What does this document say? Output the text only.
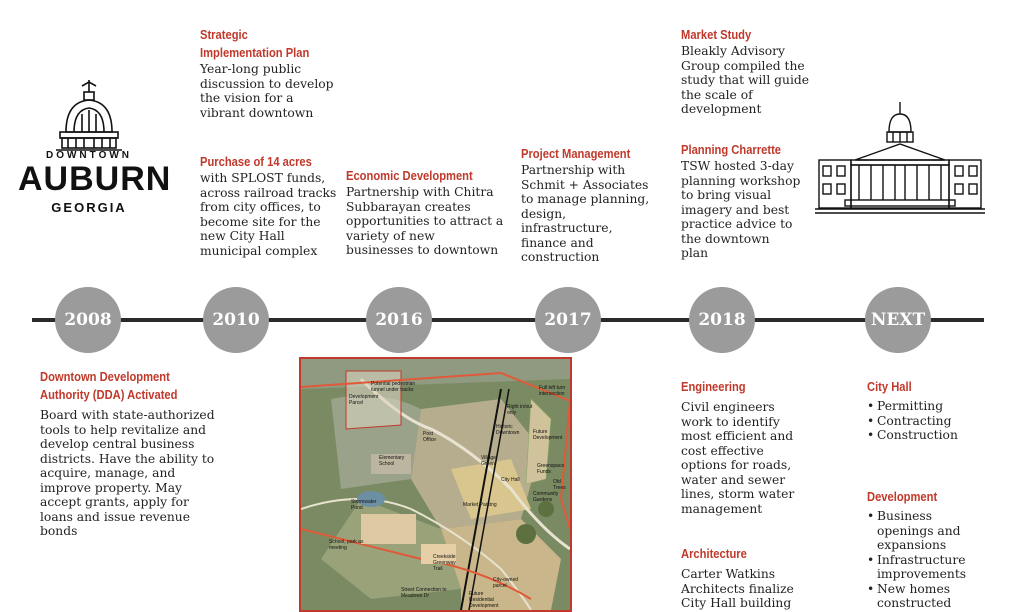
DOWNTOWN
AUBURN
GEORGIA
Strategic
Implementation Plan
Year-long public
discussion to develop
the vision for a
vibrant downtown
Purchase of 14 acres
with SPLOST funds,
across railroad tracks
from city offices, to
become site for the
new City Hall
municipal complex
Economic Development
Partnership with Chitra
Subbarayan creates
opportunities to attract a
variety of new
businesses to downtown
Project Management
Partnership with
Schmit + Associates
to manage planning,
design,
infrastructure,
finance and
construction
Market Study
Bleakly Advisory
Group compiled the
study that will guide
the scale of
development
Planning Charrette
TSW hosted 3-day
planning workshop
to bring visual
imagery and best
practice advice to
the downtown
plan
2008	2010	2016	2017	2018	NEXT
Downtown Development
Authority (DDA) Activated
Board with state-authorized
tools to help revitalize and
develop central business
districts. Have the ability to
acquire, manage, and
improve property. May
accept grants, apply for
loans and issue revenue
bonds
Engineering
Civil engineers
work to identify
most efficient and
cost effective
options for roads,
water and sewer
lines, storm water
management
Architecture
Carter Watkins
Architects finalize
City Hall building
City Hall
• Permitting
• Contracting
• Construction
Development
• Business
openings and
expansions
• Infrastructure
improvements
• New homes
constructed
Potential pedestrian
tunnel under tracks	Full left turn
intersection
Development
Parcel
Right in/out
only
Post
Office
Historic
Downtown
Elementary
School
Future
Development
Village
Green
City Hall
Stormwater
Pond	Market Parking
School, park as
meeting
Creekside
Greenway
Trail
City-owned
parcel
Street Connection to
Meadows Dr	Future
Residential
Development
Community
Gardens
Old
Trees
Greenspace
Funds
